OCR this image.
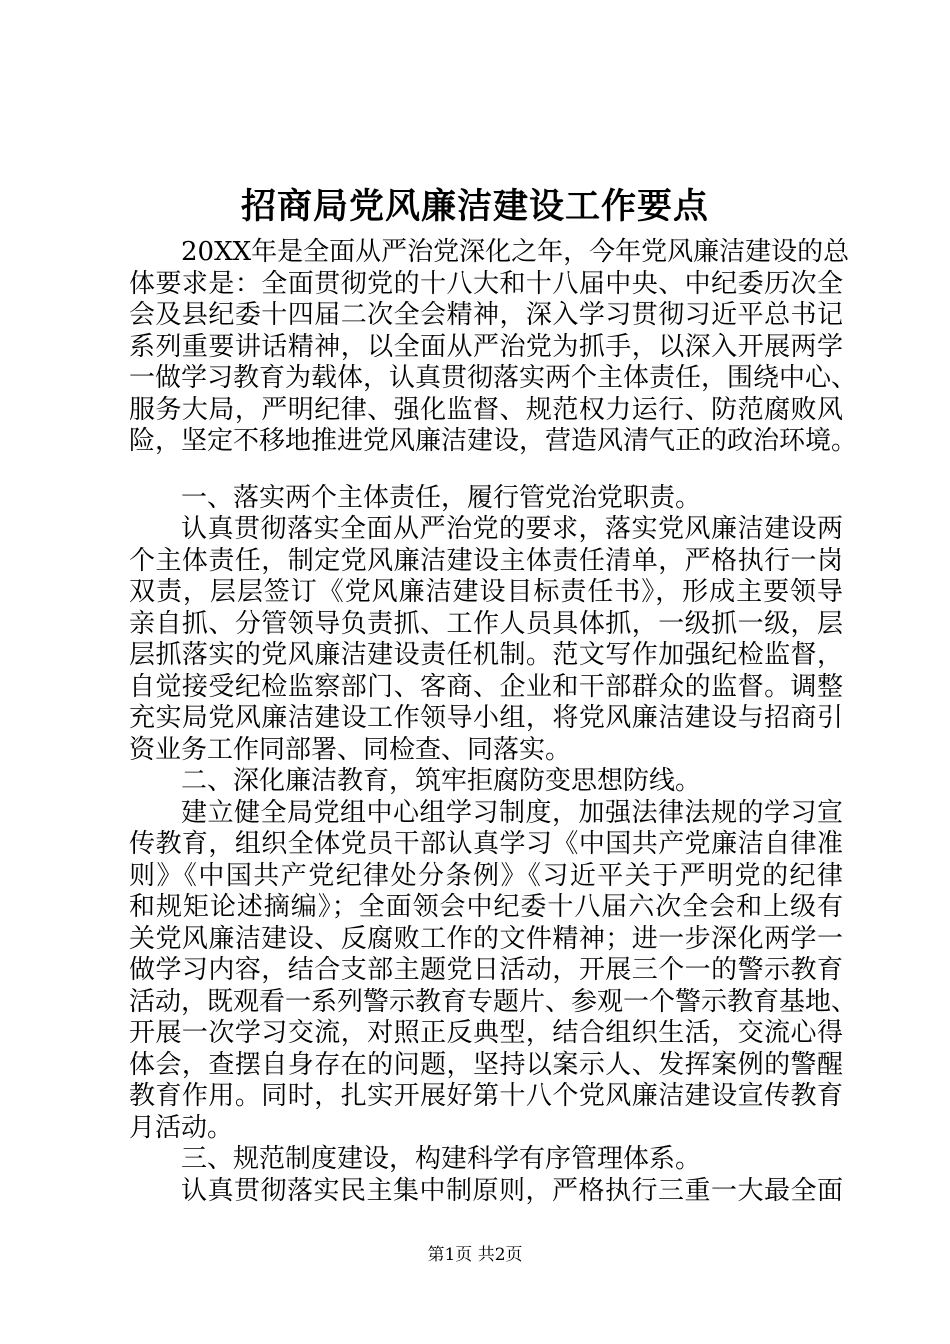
招商局党风廉洁建设工作要点
20XX年是全面从严治党深化之年，今年党风廉洁建设的总
体要求是：全面贯彻党的十八大和十八届中央、中纪委历次全
会及县纪委十四届二次全会精神，深入学习贯彻习近平总书记
系列重要讲话精神，以全面从严治党为抓手，以深入开展两学
一做学习教育为载体，认真贯彻落实两个主体责任，围绕中心、
服务大局，严明纪律、强化监督、规范权力运行、防范腐败风
险，坚定不移地推进党风廉洁建设，营造风清气正的政治环境。
一、落实两个主体责任，履行管党治党职责。
认真贯彻落实全面从严治党的要求，落实党风廉洁建设两
个主体责任，制定党风廉洁建设主体责任清单，严格执行一岗
双责，层层签订《党风廉洁建设目标责任书》，形成主要领导
亲自抓、分管领导负责抓、工作人员具体抓，一级抓一级，层
层抓落实的党风廉洁建设责任机制。范文写作加强纪检监督，
自觉接受纪检监察部门、客商、企业和干部群众的监督。调整
充实局党风廉洁建设工作领导小组，将党风廉洁建设与招商引
资业务工作同部署、同检查、同落实。
二、深化廉洁教育，筑牢拒腐防变思想防线。
建立健全局党组中心组学习制度，加强法律法规的学习宣
传教育，组织全体党员干部认真学习《中国共产党廉洁自律准
则》《中国共产党纪律处分条例》《习近平关于严明党的纪律
和规矩论述摘编》；全面领会中纪委十八届六次全会和上级有
关党风廉洁建设、反腐败工作的文件精神；进一步深化两学一
做学习内容，结合支部主题党日活动，开展三个一的警示教育
活动，既观看一系列警示教育专题片、参观一个警示教育基地、
开展一次学习交流，对照正反典型，结合组织生活，交流心得
体会，查摆自身存在的问题，坚持以案示人、发挥案例的警醒
教育作用。同时，扎实开展好第十八个党风廉洁建设宣传教育
月活动。
三、规范制度建设，构建科学有序管理体系。
认真贯彻落实民主集中制原则，严格执行三重一大最全面
第1页 共2页
